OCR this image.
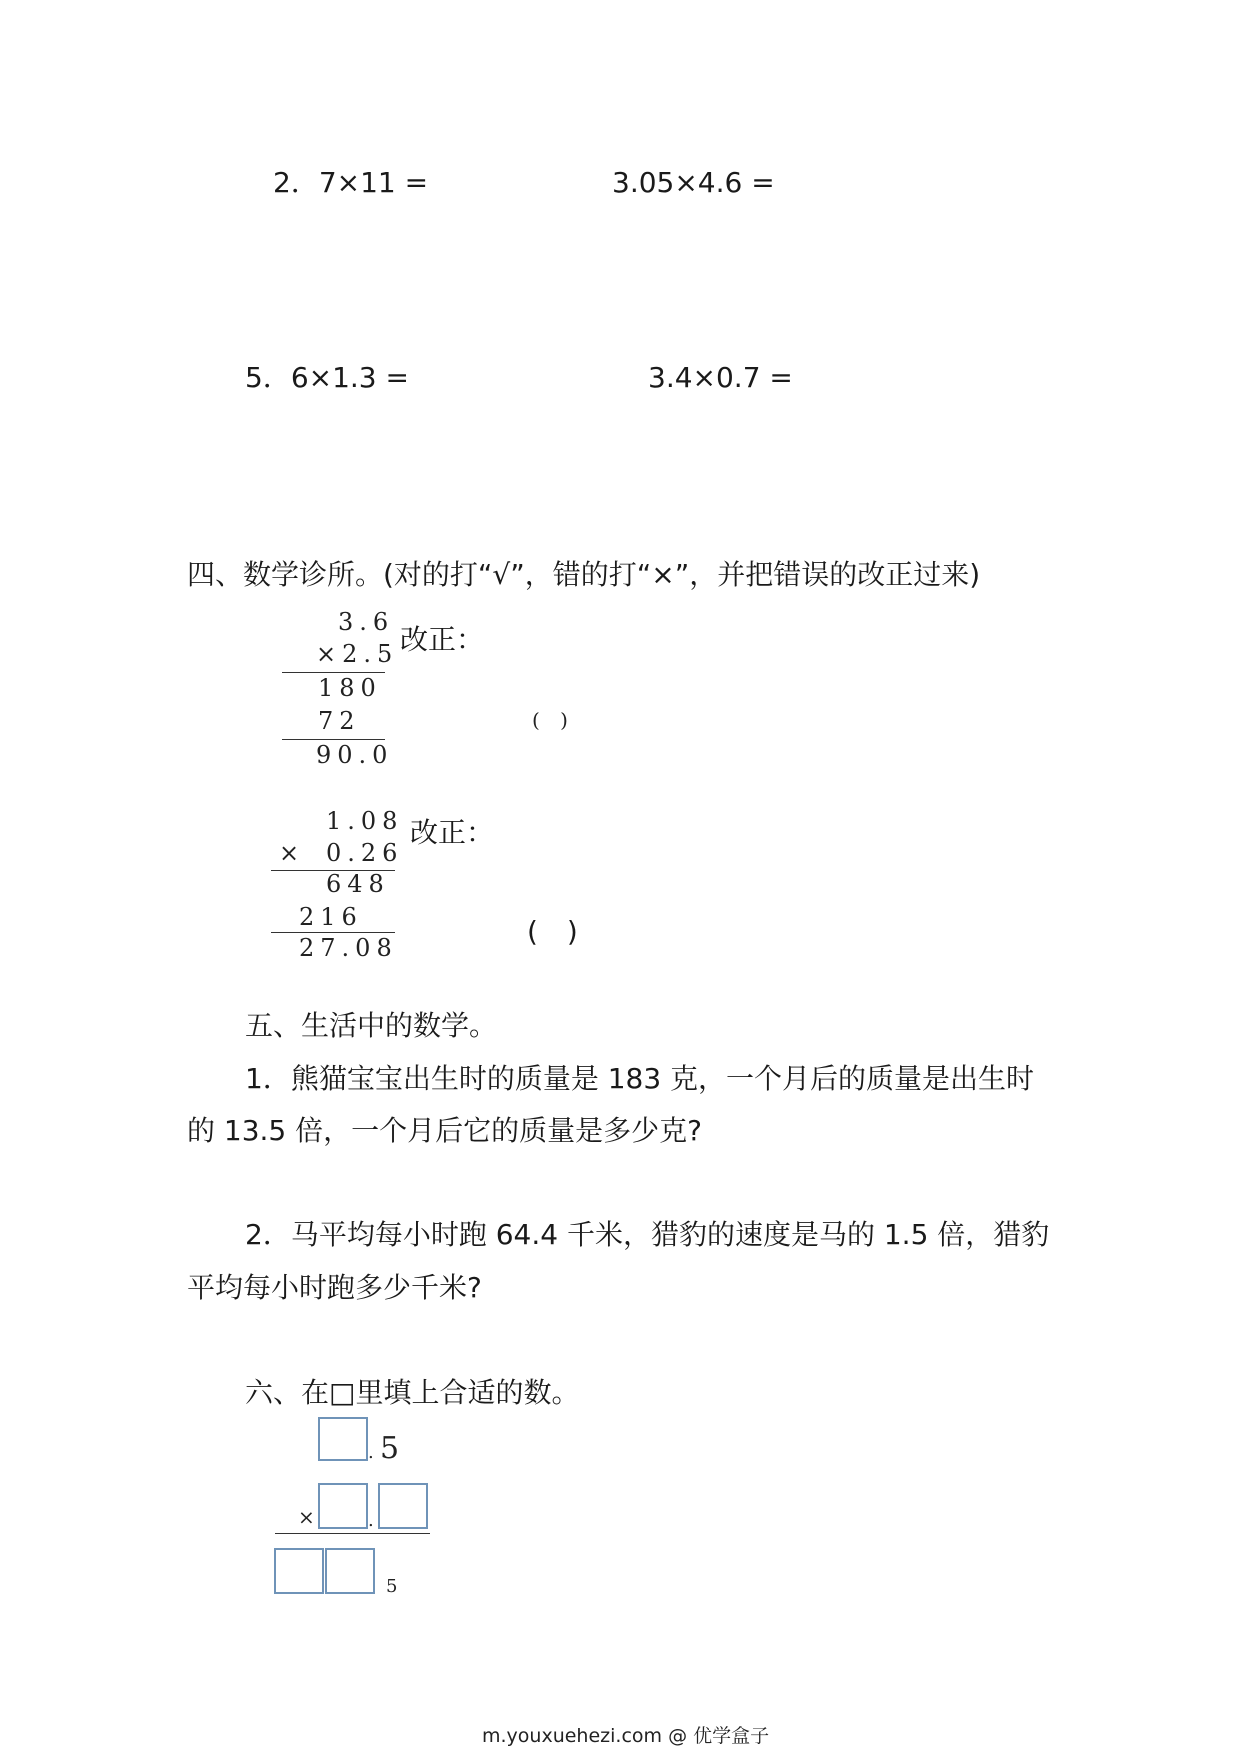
2．7×11 =	3.05×4.6 =
5．6×1.3 =	3.4×0.7 =
四、数学诊所。(对的打“√”，错的打“×”，并把错误的改正过来)
3.6
×2.5
180
72
90.0
改正：
( )
1.08
× 0.26
648
216
27.08
改正：
( )
五、生活中的数学。
1．熊猫宝宝出生时的质量是 183 克，一个月后的质量是出生时
的 13.5 倍，一个月后它的质量是多少克?
2．马平均每小时跑 64.4 千米，猎豹的速度是马的 1.5 倍，猎豹
平均每小时跑多少千米?
六、在□里填上合适的数。
. 5
×	.
5
m.youxuehezi.com @ 优学盒子
